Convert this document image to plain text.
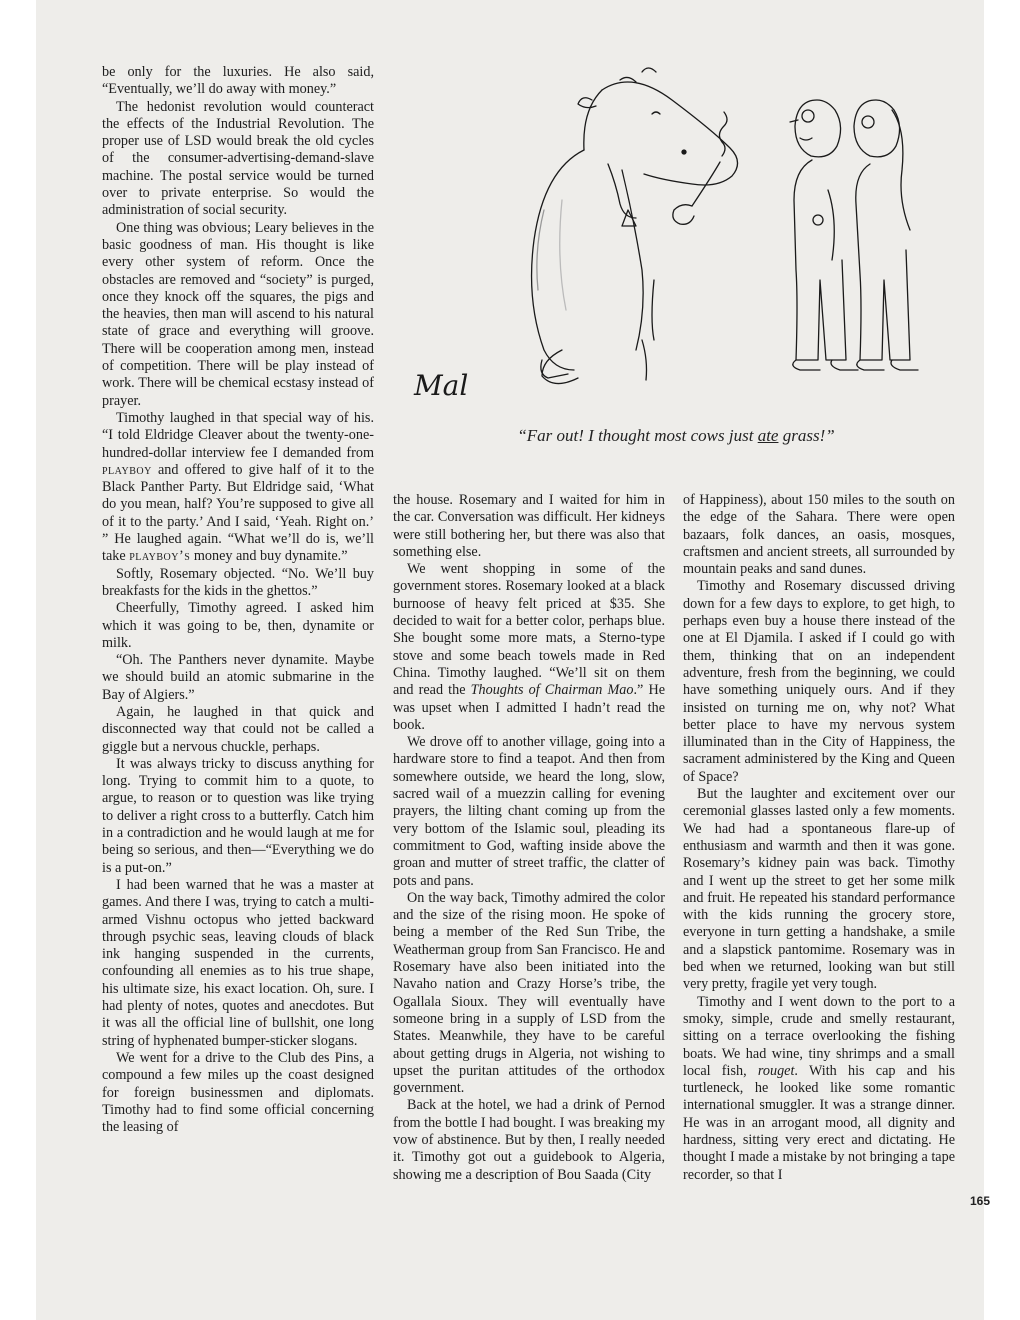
be only for the luxuries. He also said, “Eventually, we’ll do away with money.”

The hedonist revolution would counteract the effects of the Industrial Revolution. The proper use of LSD would break the old cycles of the consumer-advertising-demand-slave machine. The postal service would be turned over to private enterprise. So would the administration of social security.

One thing was obvious; Leary believes in the basic goodness of man. His thought is like every other system of reform. Once the obstacles are removed and “society” is purged, once they knock off the squares, the pigs and the heavies, then man will ascend to his natural state of grace and everything will groove. There will be cooperation among men, instead of competition. There will be play instead of work. There will be chemical ecstasy instead of prayer.

Timothy laughed in that special way of his. “I told Eldridge Cleaver about the twenty-one-hundred-dollar interview fee I demanded from playboy and offered to give half of it to the Black Panther Party. But Eldridge said, ‘What do you mean, half? You’re supposed to give all of it to the party.’ And I said, ‘Yeah. Right on.’ ” He laughed again. “What we’ll do is, we’ll take playboy’s money and buy dynamite.”

Softly, Rosemary objected. “No. We’ll buy breakfasts for the kids in the ghettos.”

Cheerfully, Timothy agreed. I asked him which it was going to be, then, dynamite or milk.

“Oh. The Panthers never dynamite. Maybe we should build an atomic submarine in the Bay of Algiers.”

Again, he laughed in that quick and disconnected way that could not be called a giggle but a nervous chuckle, perhaps.

It was always tricky to discuss anything for long. Trying to commit him to a quote, to argue, to reason or to question was like trying to deliver a right cross to a butterfly. Catch him in a contradiction and he would laugh at me for being so serious, and then—“Everything we do is a put-on.”

I had been warned that he was a master at games. And there I was, trying to catch a multi-armed Vishnu octopus who jetted backward through psychic seas, leaving clouds of black ink hanging suspended in the currents, confounding all enemies as to his true shape, his ultimate size, his exact location. Oh, sure. I had plenty of notes, quotes and anecdotes. But it was all the official line of bullshit, one long string of hyphenated bumper-sticker slogans.

We went for a drive to the Club des Pins, a compound a few miles up the coast designed for foreign businessmen and diplomats. Timothy had to find some official concerning the leasing of

Mal
“Far out! I thought most cows just ate grass!”

the house. Rosemary and I waited for him in the car. Conversation was difficult. Her kidneys were still bothering her, but there was also that something else.

We went shopping in some of the government stores. Rosemary looked at a black burnoose of heavy felt priced at $35. She decided to wait for a better color, perhaps blue. She bought some more mats, a Sterno-type stove and some beach towels made in Red China. Timothy laughed. “We’ll sit on them and read the Thoughts of Chairman Mao.” He was upset when I admitted I hadn’t read the book.

We drove off to another village, going into a hardware store to find a teapot. And then from somewhere outside, we heard the long, slow, sacred wail of a muezzin calling for evening prayers, the lilting chant coming up from the very bottom of the Islamic soul, pleading its commitment to God, wafting inside above the groan and mutter of street traffic, the clatter of pots and pans.

On the way back, Timothy admired the color and the size of the rising moon. He spoke of being a member of the Red Sun Tribe, the Weatherman group from San Francisco. He and Rosemary have also been initiated into the Navaho nation and Crazy Horse’s tribe, the Ogallala Sioux. They will eventually have someone bring in a supply of LSD from the States. Meanwhile, they have to be careful about getting drugs in Algeria, not wishing to upset the puritan attitudes of the orthodox government.

Back at the hotel, we had a drink of Pernod from the bottle I had bought. I was breaking my vow of abstinence. But by then, I really needed it. Timothy got out a guidebook to Algeria, showing me a description of Bou Saada (City

of Happiness), about 150 miles to the south on the edge of the Sahara. There were open bazaars, folk dances, an oasis, mosques, craftsmen and ancient streets, all surrounded by mountain peaks and sand dunes.

Timothy and Rosemary discussed driving down for a few days to explore, to get high, to perhaps even buy a house there instead of the one at El Djamila. I asked if I could go with them, thinking that on an independent adventure, fresh from the beginning, we could have something uniquely ours. And if they insisted on turning me on, why not? What better place to have my nervous system illuminated than in the City of Happiness, the sacrament administered by the King and Queen of Space?

But the laughter and excitement over our ceremonial glasses lasted only a few moments. We had had a spontaneous flare-up of enthusiasm and warmth and then it was gone. Rosemary’s kidney pain was back. Timothy and I went up the street to get her some milk and fruit. He repeated his standard performance with the kids running the grocery store, everyone in turn getting a handshake, a smile and a slapstick pantomime. Rosemary was in bed when we returned, looking wan but still very pretty, fragile yet very tough.

Timothy and I went down to the port to a smoky, simple, crude and smelly restaurant, sitting on a terrace overlooking the fishing boats. We had wine, tiny shrimps and a small local fish, rouget. With his cap and his turtleneck, he looked like some romantic international smuggler. It was a strange dinner. He was in an arrogant mood, all dignity and hardness, sitting very erect and dictating. He thought I made a mistake by not bringing a tape recorder, so that I

165
